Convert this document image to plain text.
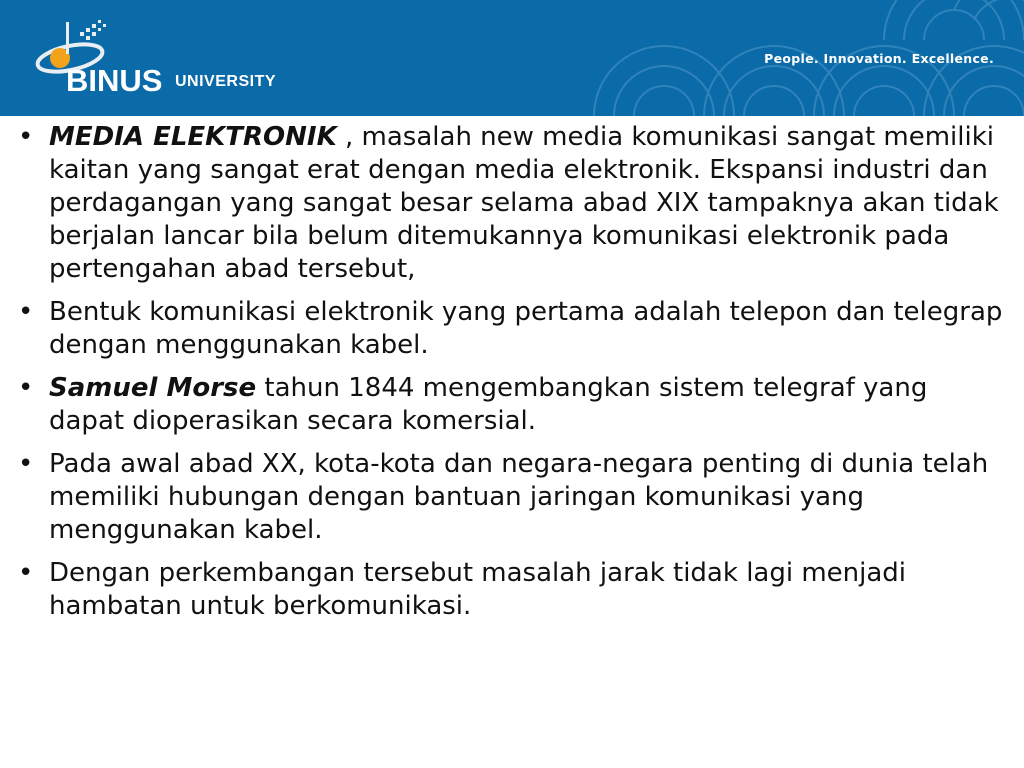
BINUS UNIVERSITY
People. Innovation. Excellence.
• MEDIA ELEKTRONIK , masalah new media komunikasi sangat memiliki kaitan yang sangat erat dengan media elektronik. Ekspansi industri dan perdagangan yang sangat besar selama abad XIX tampaknya akan tidak berjalan lancar bila belum ditemukannya komunikasi elektronik pada pertengahan abad tersebut,
• Bentuk komunikasi elektronik yang pertama adalah telepon dan telegrap dengan menggunakan kabel.
• Samuel Morse tahun 1844 mengembangkan sistem telegraf yang dapat dioperasikan secara komersial.
• Pada awal abad XX, kota-kota dan negara-negara penting di dunia telah memiliki hubungan dengan bantuan jaringan komunikasi yang menggunakan kabel.
• Dengan perkembangan tersebut masalah jarak tidak lagi menjadi hambatan untuk berkomunikasi.
